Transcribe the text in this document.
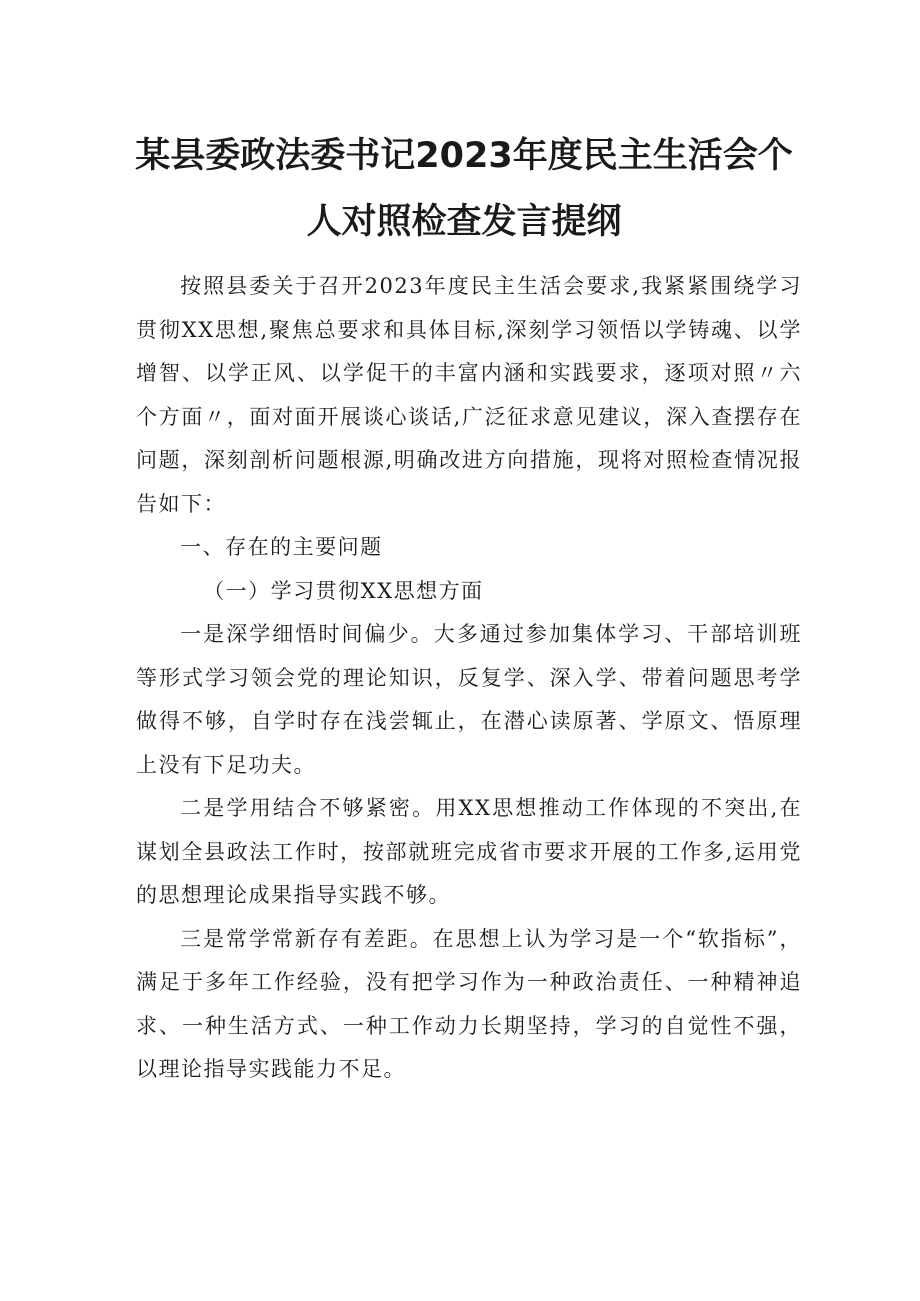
某县委政法委书记2023年度民主生活会个
人对照检查发言提纲

按照县委关于召开2023年度民主生活会要求,我紧紧围绕学习贯彻XX思想,聚焦总要求和具体目标,深刻学习领悟以学铸魂、以学增智、以学正风、以学促干的丰富内涵和实践要求，逐项对照〃六个方面〃，面对面开展谈心谈话,广泛征求意见建议，深入查摆存在问题，深刻剖析问题根源,明确改进方向措施，现将对照检查情况报告如下：

一、存在的主要问题

（一）学习贯彻XX思想方面

一是深学细悟时间偏少。大多通过参加集体学习、干部培训班等形式学习领会党的理论知识，反复学、深入学、带着问题思考学做得不够，自学时存在浅尝辄止，在潜心读原著、学原文、悟原理上没有下足功夫。

二是学用结合不够紧密。用XX思想推动工作体现的不突出,在谋划全县政法工作时，按部就班完成省市要求开展的工作多,运用党的思想理论成果指导实践不够。

三是常学常新存有差距。在思想上认为学习是一个“软指标”，满足于多年工作经验，没有把学习作为一种政治责任、一种精神追求、一种生活方式、一种工作动力长期坚持，学习的自觉性不强，以理论指导实践能力不足。
